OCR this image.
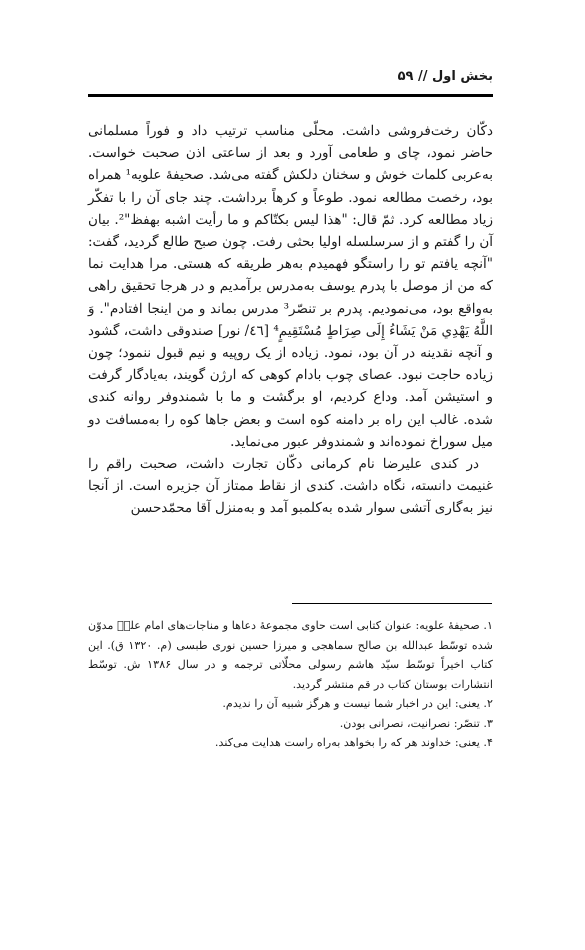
بخش اول // ۵۹

دکّان رخت‌فروشی داشت. محلّی مناسب ترتیب داد و فوراً مسلمانی حاضر نمود، چای و طعامی آورد و بعد از ساعتی اذن صحبت خواست. به‌عربی کلمات خوش و سخنان دلکش گفته می‌شد. صحیفهٔ علویه¹ همراه بود، رخصت مطالعه نمود. طوعاً و کرهاً برداشت. چند جای آن را با تفکّر زیاد مطالعه کرد. ثمّ قال: "هذا لیس بکتّاکم و ما رأیت اشبه بهفظ"². بیان آن را گفتم و از سرسلسله اولیا بحثی رفت. چون صبح طالع گردید، گفت: "آنچه یافتم تو را راستگو فهمیدم به‌هر طریقه که هستی. مرا هدایت نما که من از موصل با پدرم یوسف به‌مدرس برآمدیم و در هرجا تحقیق راهی به‌واقع بود، می‌نمودیم. پدرم بر تنصّر³ مدرس بماند و من اینجا افتادم". وَ اللَّهُ يَهْدِي مَنْ يَشَاءُ إِلَى صِرَاطٍ مُسْتَقِيمٍ⁴ [٤٦/ نور] صندوقی داشت، گشود و آنچه نقدینه در آن بود، نمود. زیاده از یک روپیه و نیم قبول ننمود؛ چون زیاده حاجت نبود. عصای چوب بادام کوهی که ارژن گویند، به‌یادگار گرفت و استیشن آمد. وداع کردیم، او برگشت و ما با شمندوفر روانه کندی شده. غالب این راه بر دامنه کوه است و بعض جاها کوه را به‌مسافت دو میل سوراخ نموده‌اند و شمندوفر عبور می‌نماید.

در کندی علیرضا نام کرمانی دکّان تجارت داشت، صحبت راقم را غنیمت دانسته، نگاه داشت. کندی از نقاط ممتاز آن جزیره است. از آنجا نیز به‌گاری آتشی سوار شده به‌کلمبو آمد و به‌منزل آقا محمّدحسن

۱. صحیفهٔ علویه: عنوان کتابی است حاوی مجموعهٔ دعاها و مناجات‌های امام علیؑ مدوّن شده توسّط عبدالله بن صالح سماهجی و میرزا حسین نوری طبسی (م. ۱۳۲۰ ق). این کتاب اخیراً توسّط سیّد هاشم رسولی محلّاتی ترجمه و در سال ۱۳۸۶ ش. توسّط انتشارات بوستان کتاب در قم منتشر گردید.
۲. یعنی: این در اخبار شما نیست و هرگز شبیه آن را ندیدم.
۳. تنصّر: نصرانیت، نصرانی بودن.
۴. یعنی: خداوند هر که را بخواهد به‌راه راست هدایت می‌کند.
